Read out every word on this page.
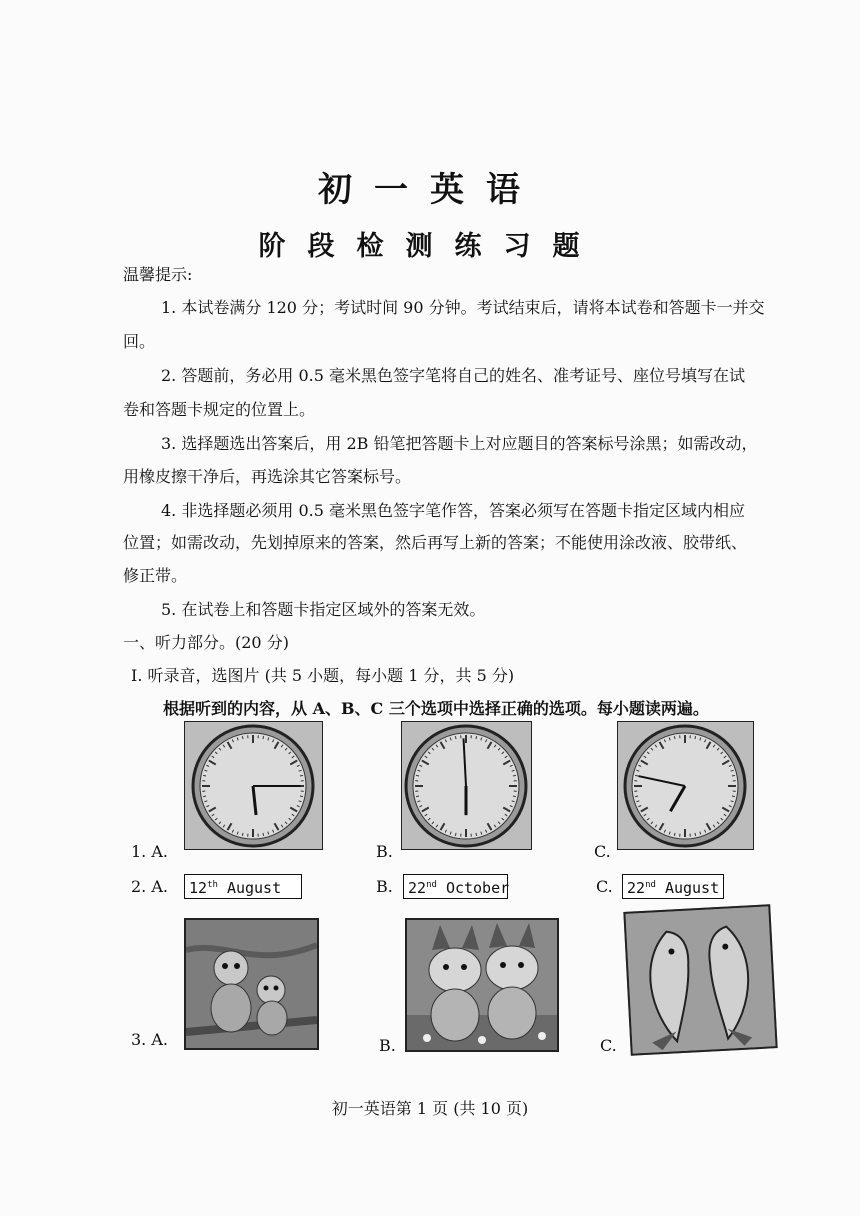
初一英语
阶段检测练习题
温馨提示:
1. 本试卷满分 120 分；考试时间 90 分钟。考试结束后，请将本试卷和答题卡一并交
回。
2. 答题前，务必用 0.5 毫米黑色签字笔将自己的姓名、准考证号、座位号填写在试
卷和答题卡规定的位置上。
3. 选择题选出答案后，用 2B 铅笔把答题卡上对应题目的答案标号涂黑；如需改动，
用橡皮擦干净后，再选涂其它答案标号。
4. 非选择题必须用 0.5 毫米黑色签字笔作答，答案必须写在答题卡指定区域内相应
位置；如需改动，先划掉原来的答案，然后再写上新的答案；不能使用涂改液、胶带纸、
修正带。
5. 在试卷上和答题卡指定区域外的答案无效。
一、听力部分。(20 分)
Ⅰ. 听录音，选图片 (共 5 小题，每小题 1 分，共 5 分)
根据听到的内容，从 A、B、C 三个选项中选择正确的选项。每小题读两遍。
1. A.	B.	C.
2. A.	12th August	B.	22nd October	C. 22nd August
3. A.	B.	C.
初一英语第 1 页 (共 10 页)
